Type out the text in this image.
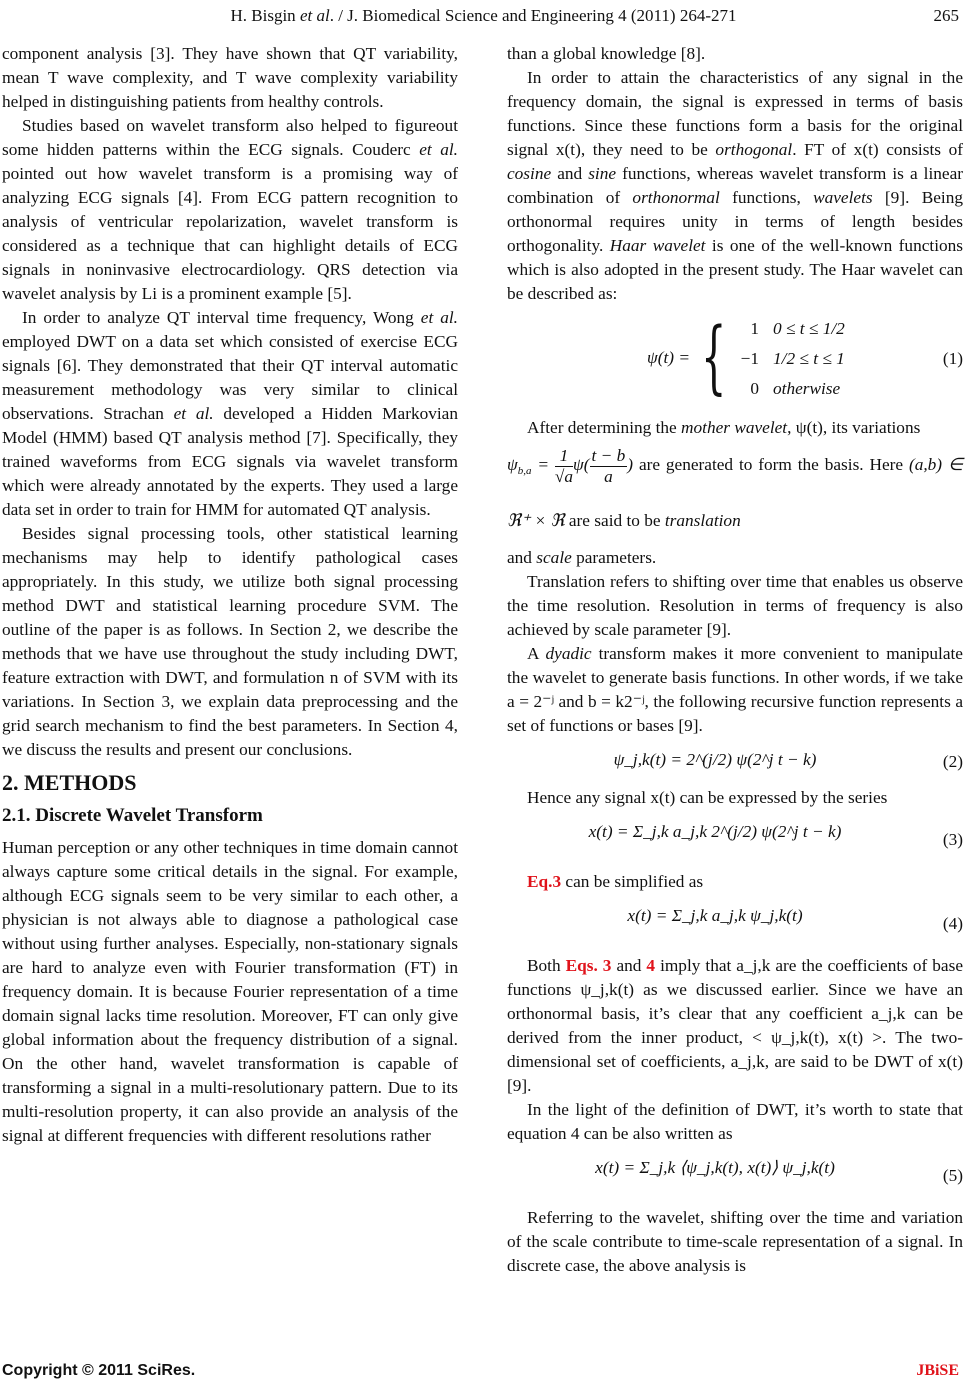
H. Bisgin et al. / J. Biomedical Science and Engineering 4 (2011) 264-271	265

component analysis [3]. They have shown that QT variability, mean T wave complexity, and T wave complexity variability helped in distinguishing patients from healthy controls.

Studies based on wavelet transform also helped to figureout some hidden patterns within the ECG signals. Couderc et al. pointed out how wavelet transform is a promising way of analyzing ECG signals [4]. From ECG pattern recognition to analysis of ventricular repolarization, wavelet transform is considered as a technique that can highlight details of ECG signals in noninvasive electrocardiology. QRS detection via wavelet analysis by Li is a prominent example [5].

In order to analyze QT interval time frequency, Wong et al. employed DWT on a data set which consisted of exercise ECG signals [6]. They demonstrated that their QT interval automatic measurement methodology was very similar to clinical observations. Strachan et al. developed a Hidden Markovian Model (HMM) based QT analysis method [7]. Specifically, they trained waveforms from ECG signals via wavelet transform which were already annotated by the experts. They used a large data set in order to train for HMM for automated QT analysis.

Besides signal processing tools, other statistical learning mechanisms may help to identify pathological cases appropriately. In this study, we utilize both signal processing method DWT and statistical learning procedure SVM. The outline of the paper is as follows. In Section 2, we describe the methods that we have use throughout the study including DWT, feature extraction with DWT, and formulation n of SVM with its variations. In Section 3, we explain data preprocessing and the grid search mechanism to find the best parameters. In Section 4, we discuss the results and present our conclusions.

2. METHODS
2.1. Discrete Wavelet Transform

Human perception or any other techniques in time domain cannot always capture some critical details in the signal. For example, although ECG signals seem to be very similar to each other, a physician is not always able to diagnose a pathological case without using further analyses. Especially, non-stationary signals are hard to analyze even with Fourier transformation (FT) in frequency domain. It is because Fourier representation of a time domain signal lacks time resolution. Moreover, FT can only give global information about the frequency distribution of a signal. On the other hand, wavelet transformation is capable of transforming a signal in a multi-resolutionary pattern. Due to its multi-resolution property, it can also provide an analysis of the signal at different frequencies with different resolutions rather

than a global knowledge [8].

In order to attain the characteristics of any signal in the frequency domain, the signal is expressed in terms of basis functions. Since these functions form a basis for the original signal x(t), they need to be orthogonal. FT of x(t) consists of cosine and sine functions, whereas wavelet transform is a linear combination of orthonormal functions, wavelets [9]. Being orthonormal requires unity in terms of length besides orthogonality. Haar wavelet is one of the well-known functions which is also adopted in the present study. The Haar wavelet can be described as:

ψ(t) = {	1 0 ≤ t ≤ 1/2
−1 1/2 ≤ t ≤ 1
0 otherwise
(1)

After determining the mother wavelet, ψ(t), its variations

$\psi_{b,a} = \frac{1}{√a} \psi( \frac{t - b}{a}$ ) are generated to form the basis. Here (a,b) ∈ ℜ⁺ × ℜ are said to be translation

and scale parameters.

Translation refers to shifting over time that enables us observe the time resolution. Resolution in terms of frequency is also achieved by scale parameter [9].

A dyadic transform makes it more convenient to manipulate the wavelet to generate basis functions. In other words, if we take a = 2⁻ʲ and b = k2⁻ʲ, the following recursive function represents a set of functions or bases [9].

ψ_j,k(t) = 2^(j/2) ψ(2^j t − k)	(2)

Hence any signal x(t) can be expressed by the series

x(t) = Σ_j,k a_j,k 2^(j/2) ψ(2^j t − k)	(3)

Eq.3 can be simplified as

x(t) = Σ_j,k a_j,k ψ_j,k(t)	(4)

Both Eqs. 3 and 4 imply that a_j,k are the coefficients of base functions ψ_j,k(t) as we discussed earlier. Since we have an orthonormal basis, it’s clear that any coefficient a_j,k can be derived from the inner product, < ψ_j,k(t), x(t) >. The two-dimensional set of coefficients, a_j,k, are said to be DWT of x(t) [9].

In the light of the definition of DWT, it’s worth to state that equation 4 can be also written as

x(t) = Σ_j,k ⟨ψ_j,k(t), x(t)⟩ ψ_j,k(t)	(5)

Referring to the wavelet, shifting over the time and variation of the scale contribute to time-scale representation of a signal. In discrete case, the above analysis is

Copyright © 2011 SciRes.	JBiSE
